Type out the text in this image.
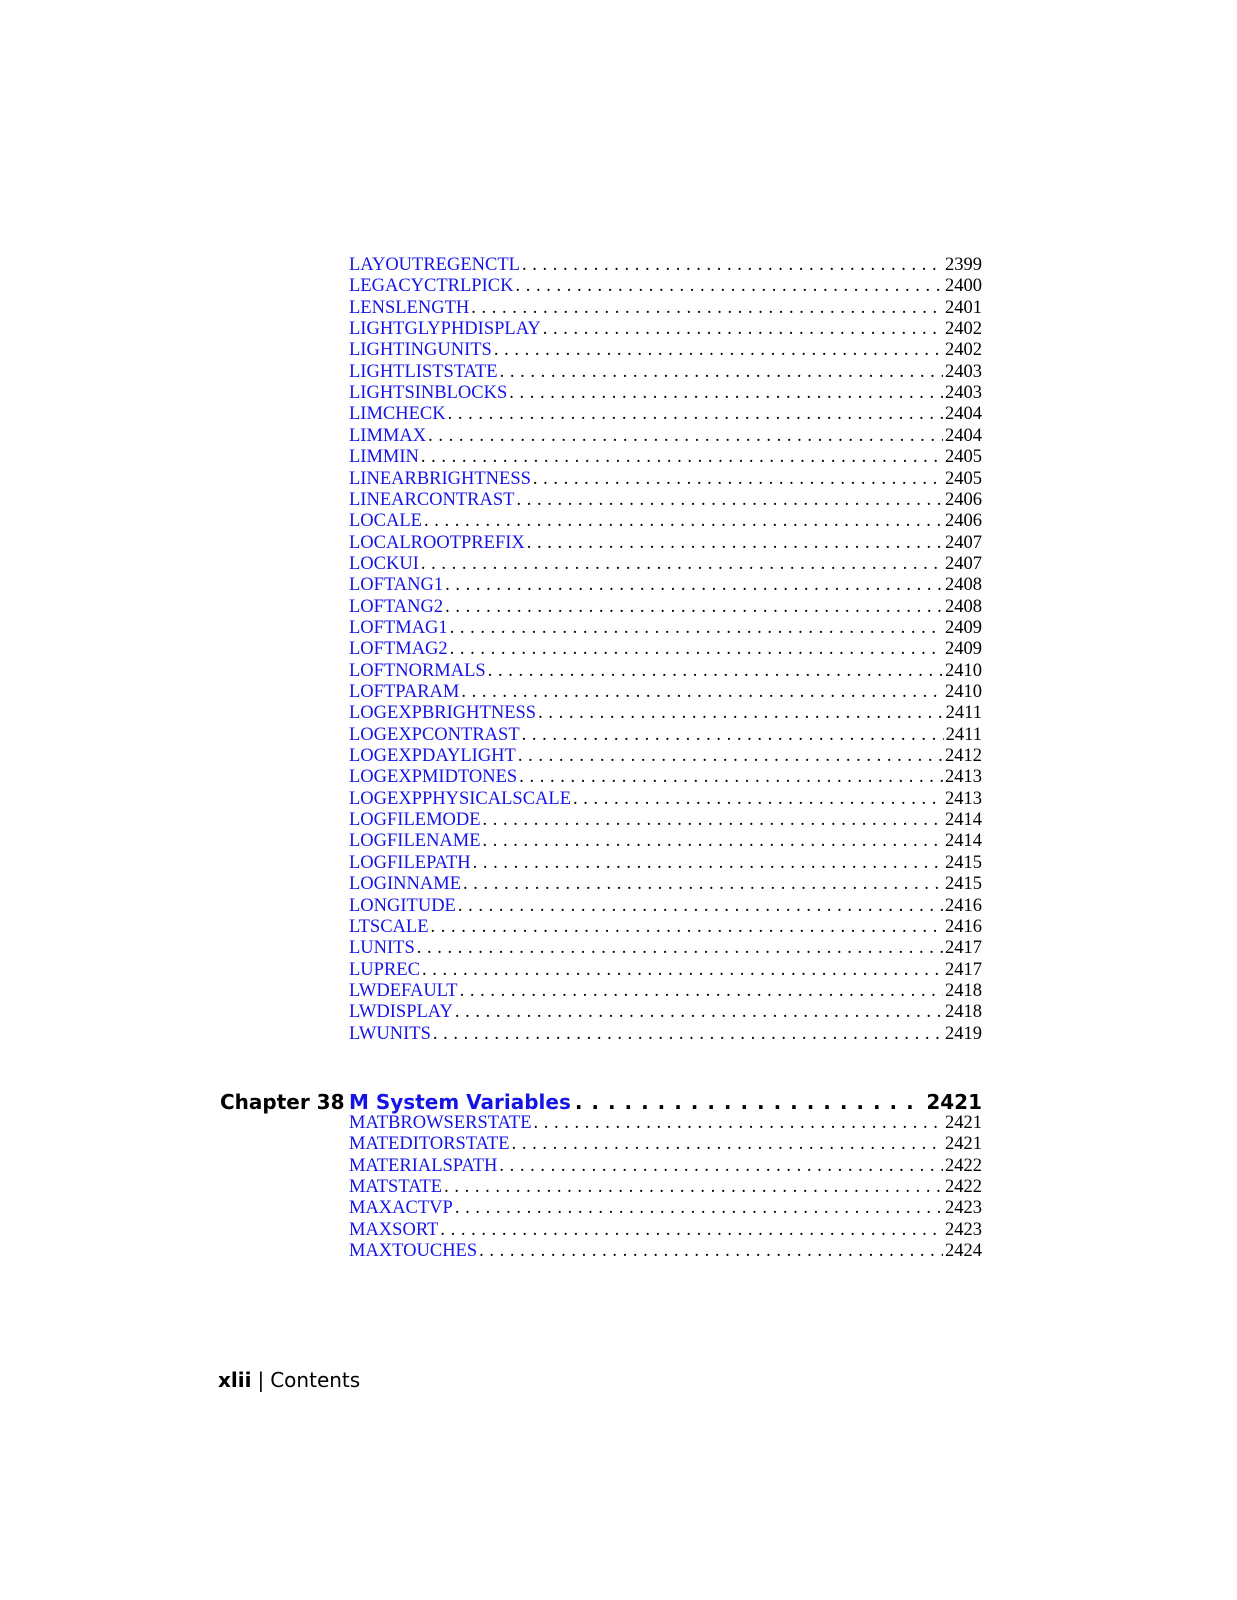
LAYOUTREGENCTL . . .	2399
LEGACYCTRLPICK . . .	2400
LENSLENGTH . . .	2401
LIGHTGLYPHDISPLAY . . .	2402
LIGHTINGUNITS . . .	2402
LIGHTLISTSTATE . . .	2403
LIGHTSINBLOCKS . . .	2403
LIMCHECK . . .	2404
LIMMAX . . .	2404
LIMMIN . . .	2405
LINEARBRIGHTNESS . . .	2405
LINEARCONTRAST . . .	2406
LOCALE . . .	2406
LOCALROOTPREFIX . . .	2407
LOCKUI . . .	2407
LOFTANG1 . . .	2408
LOFTANG2 . . .	2408
LOFTMAG1 . . .	2409
LOFTMAG2 . . .	2409
LOFTNORMALS . . .	2410
LOFTPARAM . . .	2410
LOGEXPBRIGHTNESS . . .	2411
LOGEXPCONTRAST . . .	2411
LOGEXPDAYLIGHT . . .	2412
LOGEXPMIDTONES . . .	2413
LOGEXPPHYSICALSCALE . . .	2413
LOGFILEMODE . . .	2414
LOGFILENAME . . .	2414
LOGFILEPATH . . .	2415
LOGINNAME . . .	2415
LONGITUDE . . .	2416
LTSCALE . . .	2416
LUNITS . . .	2417
LUPREC . . .	2417
LWDEFAULT . . .	2418
LWDISPLAY . . .	2418
LWUNITS . . .	2419
Chapter 38 M System Variables . . .	2421
MATBROWSERSTATE . . .	2421
MATEDITORSTATE . . .	2421
MATERIALSPATH . . .	2422
MATSTATE . . .	2422
MAXACTVP . . .	2423
MAXSORT . . .	2423
MAXTOUCHES . . .	2424
xlii | Contents
